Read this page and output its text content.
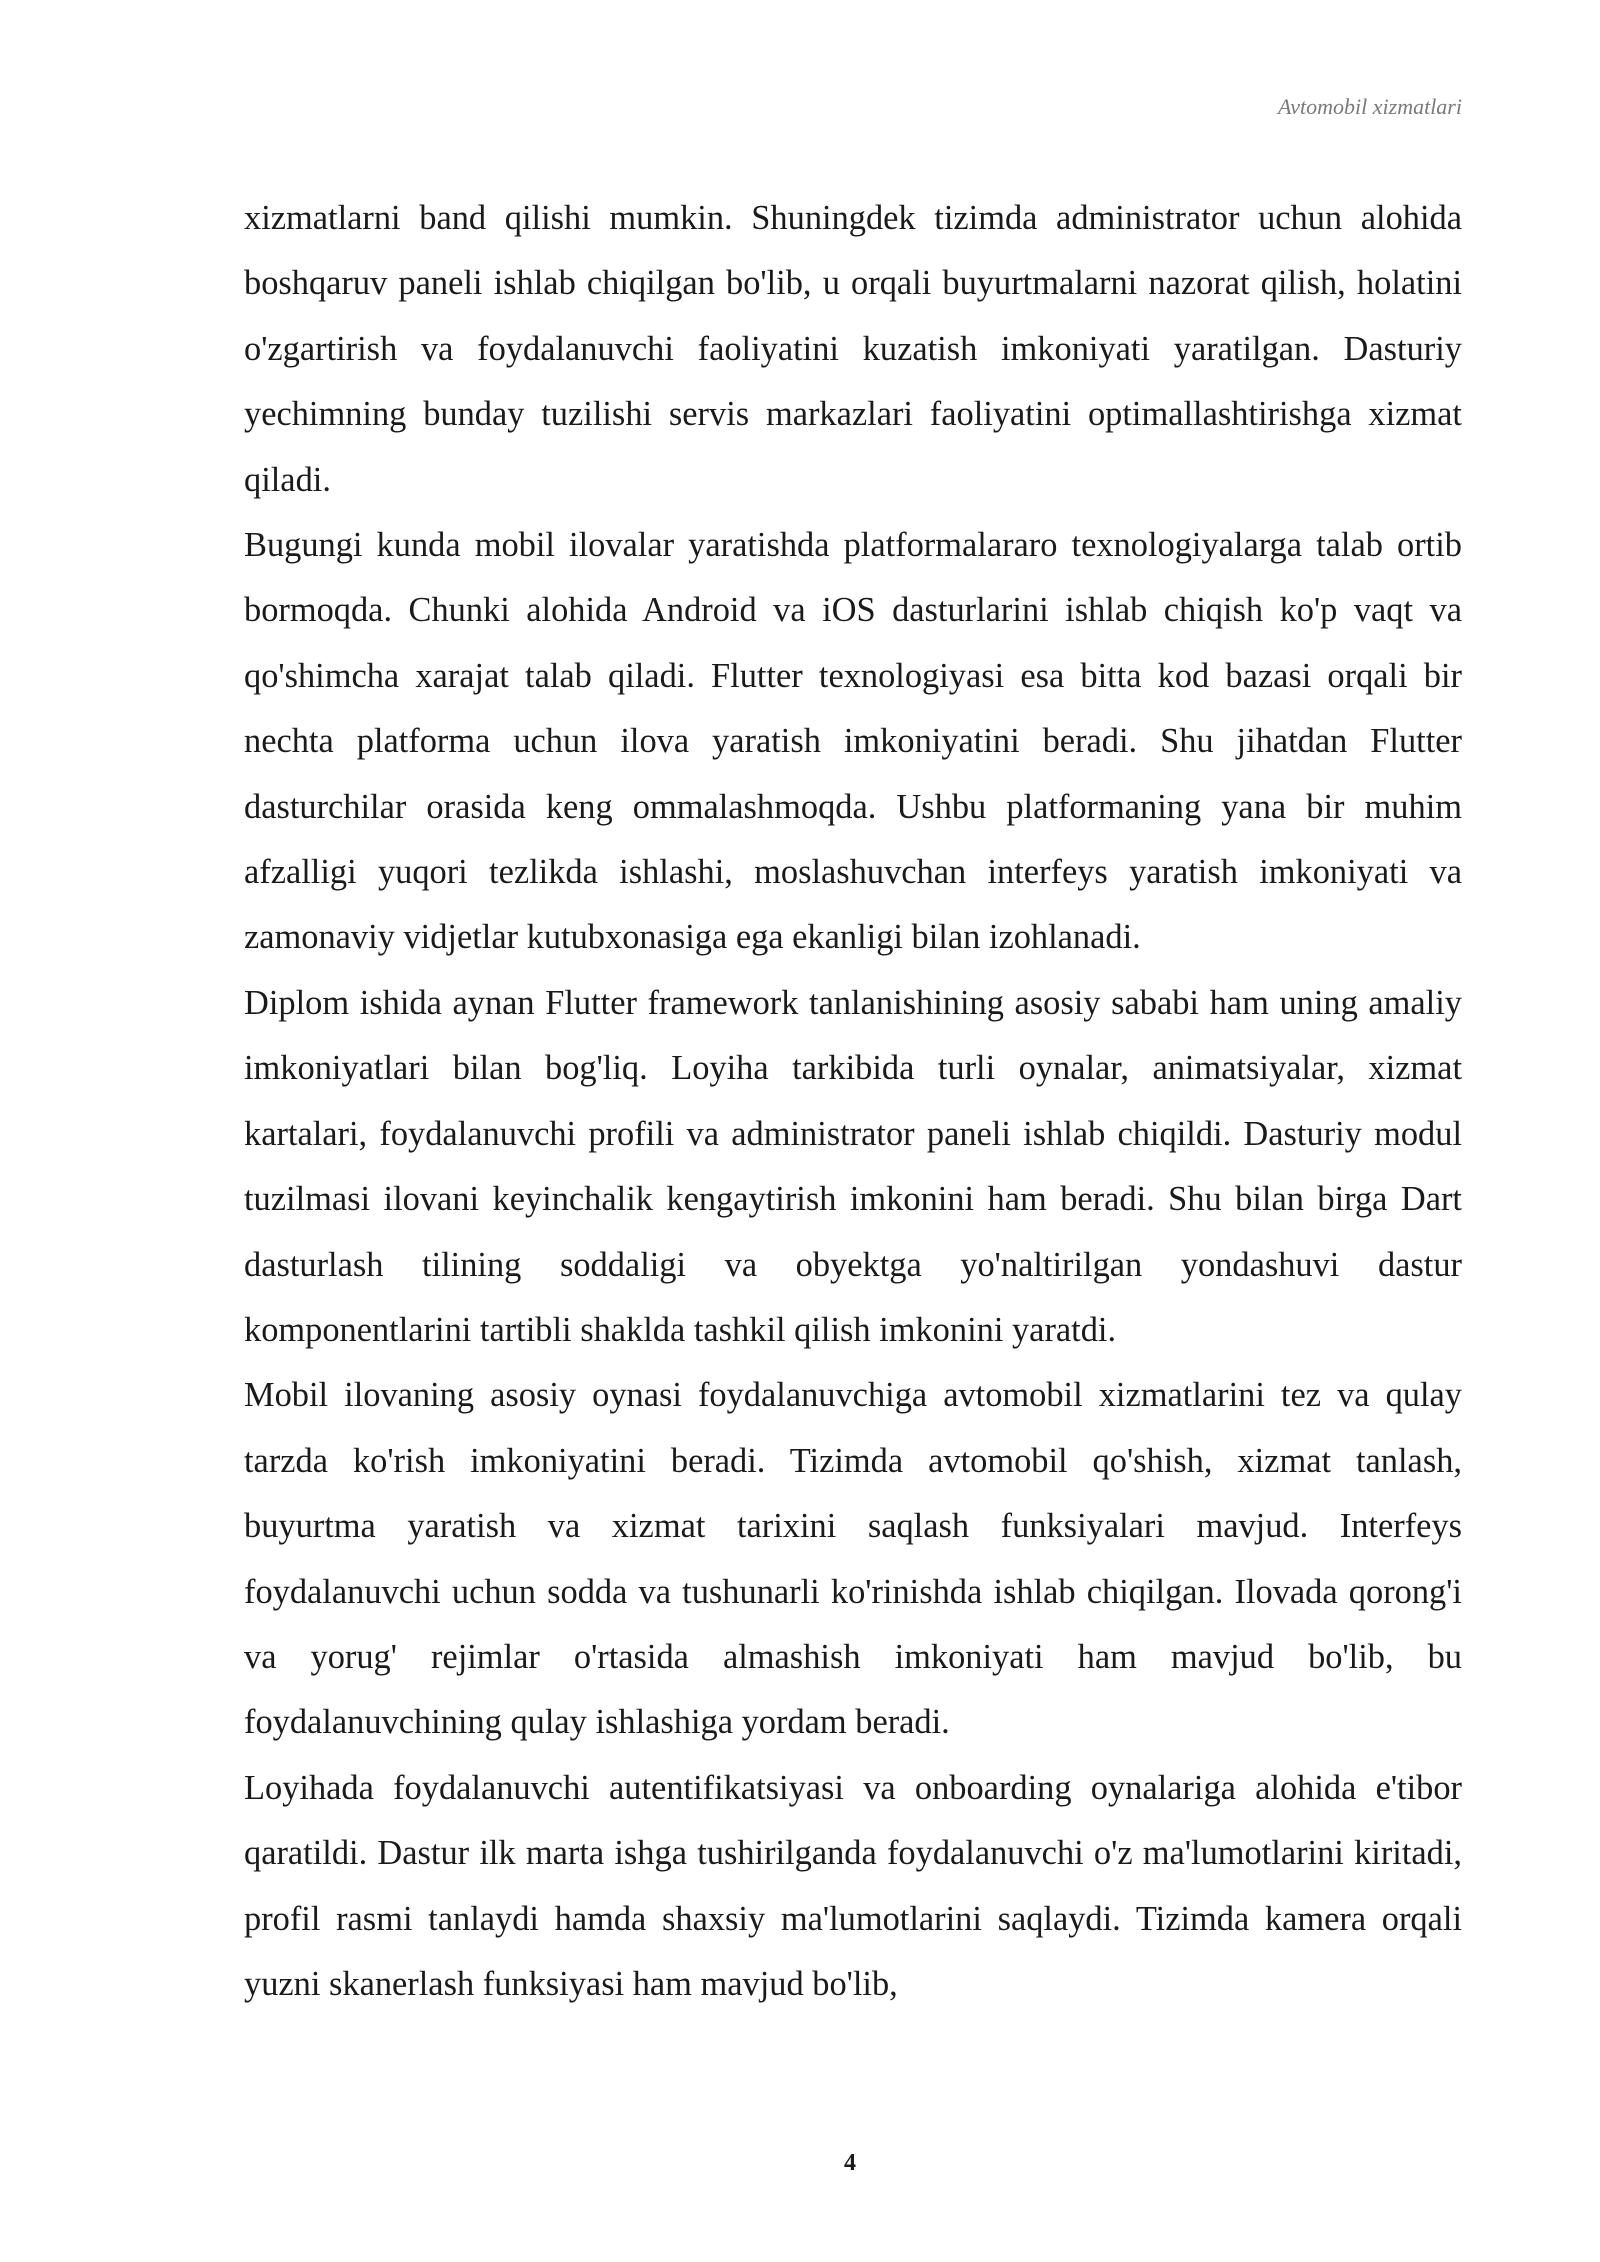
Avtomobil xizmatlari

xizmatlarni band qilishi mumkin. Shuningdek tizimda administrator uchun alohida boshqaruv paneli ishlab chiqilgan bo'lib, u orqali buyurtmalarni nazorat qilish, holatini o'zgartirish va foydalanuvchi faoliyatini kuzatish imkoniyati yaratilgan. Dasturiy yechimning bunday tuzilishi servis markazlari faoliyatini optimallashtirishga xizmat qiladi.

Bugungi kunda mobil ilovalar yaratishda platformalararo texnologiyalarga talab ortib bormoqda. Chunki alohida Android va iOS dasturlarini ishlab chiqish ko'p vaqt va qo'shimcha xarajat talab qiladi. Flutter texnologiyasi esa bitta kod bazasi orqali bir nechta platforma uchun ilova yaratish imkoniyatini beradi. Shu jihatdan Flutter dasturchilar orasida keng ommalashmoqda. Ushbu platformaning yana bir muhim afzalligi yuqori tezlikda ishlashi, moslashuvchan interfeys yaratish imkoniyati va zamonaviy vidjetlar kutubxonasiga ega ekanligi bilan izohlanadi.

Diplom ishida aynan Flutter framework tanlanishining asosiy sababi ham uning amaliy imkoniyatlari bilan bog'liq. Loyiha tarkibida turli oynalar, animatsiyalar, xizmat kartalari, foydalanuvchi profili va administrator paneli ishlab chiqildi. Dasturiy modul tuzilmasi ilovani keyinchalik kengaytirish imkonini ham beradi. Shu bilan birga Dart dasturlash tilining soddaligi va obyektga yo'naltirilgan yondashuvi dastur komponentlarini tartibli shaklda tashkil qilish imkonini yaratdi.

Mobil ilovaning asosiy oynasi foydalanuvchiga avtomobil xizmatlarini tez va qulay tarzda ko'rish imkoniyatini beradi. Tizimda avtomobil qo'shish, xizmat tanlash, buyurtma yaratish va xizmat tarixini saqlash funksiyalari mavjud. Interfeys foydalanuvchi uchun sodda va tushunarli ko'rinishda ishlab chiqilgan. Ilovada qorong'i va yorug' rejimlar o'rtasida almashish imkoniyati ham mavjud bo'lib, bu foydalanuvchining qulay ishlashiga yordam beradi.

Loyihada foydalanuvchi autentifikatsiyasi va onboarding oynalariga alohida e'tibor qaratildi. Dastur ilk marta ishga tushirilganda foydalanuvchi o'z ma'lumotlarini kiritadi, profil rasmi tanlaydi hamda shaxsiy ma'lumotlarini saqlaydi. Tizimda kamera orqali yuzni skanerlash funksiyasi ham mavjud bo'lib,

4
